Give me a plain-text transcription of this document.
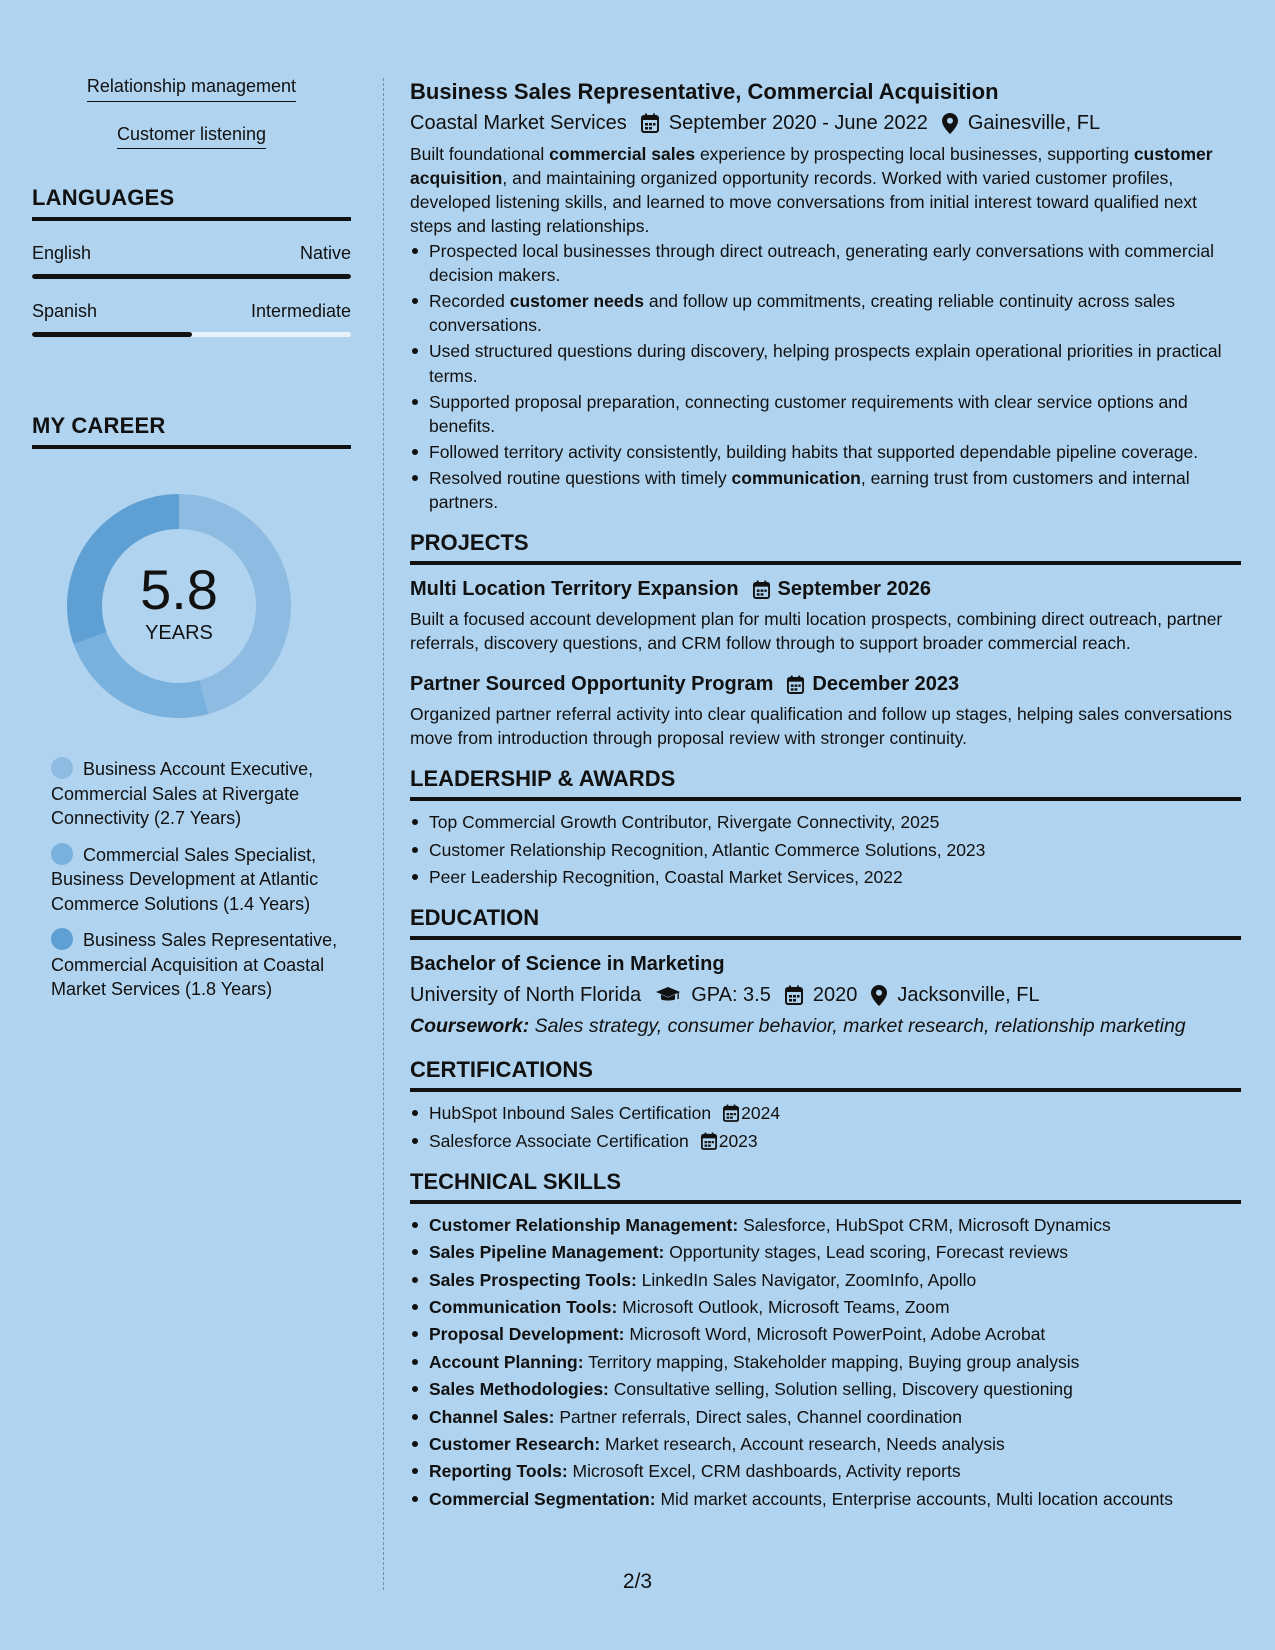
Relationship management
Customer listening
LANGUAGES
English	Native
Spanish	Intermediate
MY CAREER
5.8
YEARS
Business Account Executive, Commercial Sales at Rivergate Connectivity (2.7 Years)
Commercial Sales Specialist, Business Development at Atlantic Commerce Solutions (1.4 Years)
Business Sales Representative, Commercial Acquisition at Coastal Market Services (1.8 Years)
Business Sales Representative, Commercial Acquisition
Coastal Market Services September 2020 - June 2022 Gainesville, FL
Built foundational commercial sales experience by prospecting local businesses, supporting customer acquisition, and maintaining organized opportunity records. Worked with varied customer profiles, developed listening skills, and learned to move conversations from initial interest toward qualified next steps and lasting relationships.
Prospected local businesses through direct outreach, generating early conversations with commercial decision makers.
Recorded customer needs and follow up commitments, creating reliable continuity across sales conversations.
Used structured questions during discovery, helping prospects explain operational priorities in practical terms.
Supported proposal preparation, connecting customer requirements with clear service options and benefits.
Followed territory activity consistently, building habits that supported dependable pipeline coverage.
Resolved routine questions with timely communication, earning trust from customers and internal partners.
PROJECTS
Multi Location Territory Expansion September 2026
Built a focused account development plan for multi location prospects, combining direct outreach, partner referrals, discovery questions, and CRM follow through to support broader commercial reach.
Partner Sourced Opportunity Program December 2023
Organized partner referral activity into clear qualification and follow up stages, helping sales conversations move from introduction through proposal review with stronger continuity.
LEADERSHIP & AWARDS
Top Commercial Growth Contributor, Rivergate Connectivity, 2025
Customer Relationship Recognition, Atlantic Commerce Solutions, 2023
Peer Leadership Recognition, Coastal Market Services, 2022
EDUCATION
Bachelor of Science in Marketing
University of North Florida	GPA: 3.5 2020 Jacksonville, FL
Coursework: Sales strategy, consumer behavior, market research, relationship marketing
CERTIFICATIONS
HubSpot Inbound Sales Certification 2024
Salesforce Associate Certification 2023
TECHNICAL SKILLS
Customer Relationship Management: Salesforce, HubSpot CRM, Microsoft Dynamics
Sales Pipeline Management: Opportunity stages, Lead scoring, Forecast reviews
Sales Prospecting Tools: LinkedIn Sales Navigator, ZoomInfo, Apollo
Communication Tools: Microsoft Outlook, Microsoft Teams, Zoom
Proposal Development: Microsoft Word, Microsoft PowerPoint, Adobe Acrobat
Account Planning: Territory mapping, Stakeholder mapping, Buying group analysis
Sales Methodologies: Consultative selling, Solution selling, Discovery questioning
Channel Sales: Partner referrals, Direct sales, Channel coordination
Customer Research: Market research, Account research, Needs analysis
Reporting Tools: Microsoft Excel, CRM dashboards, Activity reports
Commercial Segmentation: Mid market accounts, Enterprise accounts, Multi location accounts
2/3
